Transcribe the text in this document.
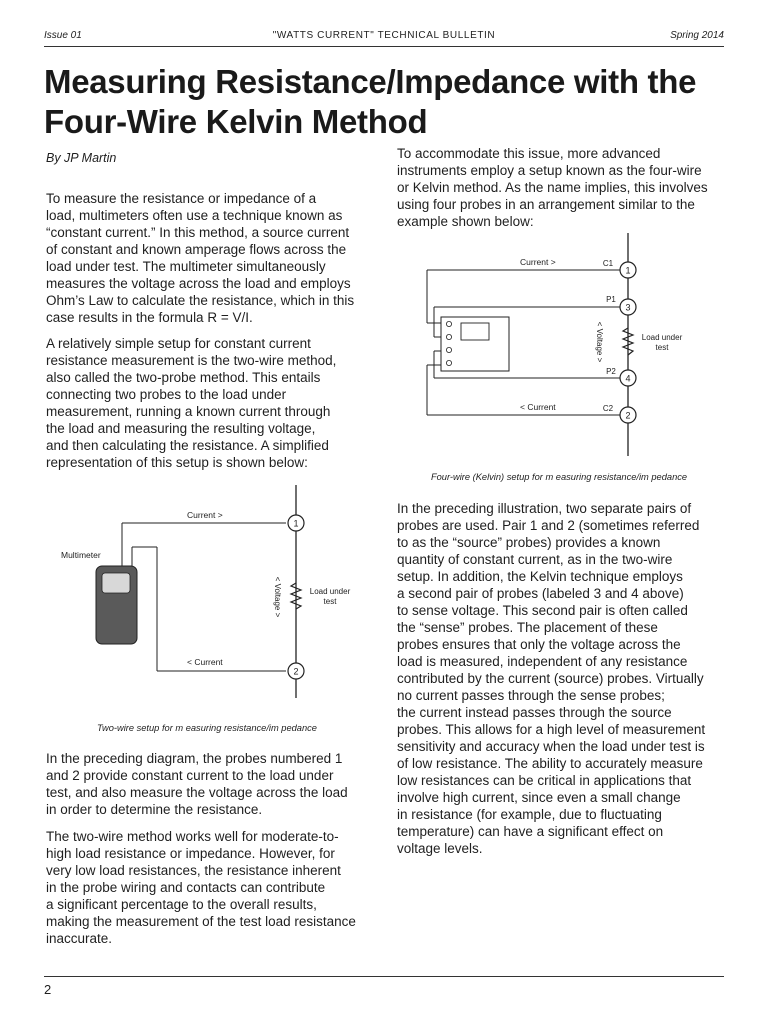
Issue 01	"WATTS CURRENT" TECHNICAL BULLETIN	Spring 2014
Measuring Resistance/Impedance with the Four-Wire Kelvin Method
By JP Martin

To measure the resistance or impedance of a
load, multimeters often use a technique known as
“constant current.” In this method, a source current
of constant and known amperage flows across the
load under test. The multimeter simultaneously
measures the voltage across the load and employs
Ohm’s Law to calculate the resistance, which in this
case results in the formula R = V/I.

A relatively simple setup for constant current
resistance measurement is the two-wire method,
also called the two-probe method. This entails
connecting two probes to the load under
measurement, running a known current through
the load and measuring the resulting voltage,
and then calculating the resistance. A simplified
representation of this setup is shown below:

1
2
Current >
< Current
Multimeter
< Voltage >	Load under
test
Two-wire setup for m easuring resistance/im pedance

In the preceding diagram, the probes numbered 1
and 2 provide constant current to the load under
test, and also measure the voltage across the load
in order to determine the resistance.

The two-wire method works well for moderate-to-
high load resistance or impedance. However, for
very low load resistances, the resistance inherent
in the probe wiring and contacts can contribute
a significant percentage to the overall results,
making the measurement of the test load resistance
inaccurate.

To accommodate this issue, more advanced
instruments employ a setup known as the four-wire
or Kelvin method. As the name implies, this involves
using four probes in an arrangement similar to the
example shown below:

1
3
4
2
C1
P1
P2
C2
Current >
< Current
< Voltage >	Load under
test
Four-wire (Kelvin) setup for m easuring resistance/im pedance

In the preceding illustration, two separate pairs of
probes are used. Pair 1 and 2 (sometimes referred
to as the “source” probes) provides a known
quantity of constant current, as in the two-wire
setup. In addition, the Kelvin technique employs
a second pair of probes (labeled 3 and 4 above)
to sense voltage. This second pair is often called
the “sense” probes. The placement of these
probes ensures that only the voltage across the
load is measured, independent of any resistance
contributed by the current (source) probes. Virtually
no current passes through the sense probes;
the current instead passes through the source
probes. This allows for a high level of measurement
sensitivity and accuracy when the load under test is
of low resistance. The ability to accurately measure
low resistances can be critical in applications that
involve high current, since even a small change
in resistance (for example, due to fluctuating
temperature) can have a significant effect on
voltage levels.

2
